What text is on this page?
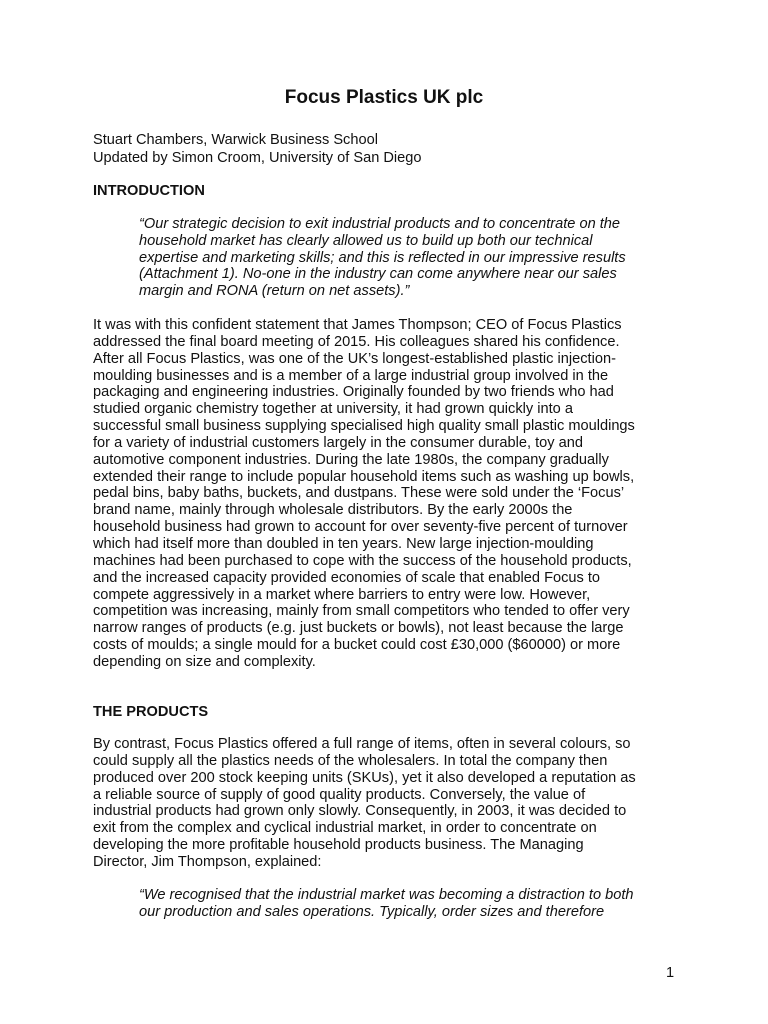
Focus Plastics UK plc
Stuart Chambers, Warwick Business School
Updated by Simon Croom, University of San Diego
INTRODUCTION
“Our strategic decision to exit industrial products and to concentrate on the
household market has clearly allowed us to build up both our technical
expertise and marketing skills; and this is reflected in our impressive results
(Attachment 1). No-one in the industry can come anywhere near our sales
margin and RONA (return on net assets).”
It was with this confident statement that James Thompson; CEO of Focus Plastics
addressed the final board meeting of 2015. His colleagues shared his confidence.
After all Focus Plastics, was one of the UK’s longest-established plastic injection-
moulding businesses and is a member of a large industrial group involved in the
packaging and engineering industries. Originally founded by two friends who had
studied organic chemistry together at university, it had grown quickly into a
successful small business supplying specialised high quality small plastic mouldings
for a variety of industrial customers largely in the consumer durable, toy and
automotive component industries. During the late 1980s, the company gradually
extended their range to include popular household items such as washing up bowls,
pedal bins, baby baths, buckets, and dustpans. These were sold under the ‘Focus’
brand name, mainly through wholesale distributors. By the early 2000s the
household business had grown to account for over seventy-five percent of turnover
which had itself more than doubled in ten years. New large injection-moulding
machines had been purchased to cope with the success of the household products,
and the increased capacity provided economies of scale that enabled Focus to
compete aggressively in a market where barriers to entry were low. However,
competition was increasing, mainly from small competitors who tended to offer very
narrow ranges of products (e.g. just buckets or bowls), not least because the large
costs of moulds; a single mould for a bucket could cost £30,000 ($60000) or more
depending on size and complexity.
THE PRODUCTS
By contrast, Focus Plastics offered a full range of items, often in several colours, so
could supply all the plastics needs of the wholesalers. In total the company then
produced over 200 stock keeping units (SKUs), yet it also developed a reputation as
a reliable source of supply of good quality products. Conversely, the value of
industrial products had grown only slowly. Consequently, in 2003, it was decided to
exit from the complex and cyclical industrial market, in order to concentrate on
developing the more profitable household products business. The Managing
Director, Jim Thompson, explained:
“We recognised that the industrial market was becoming a distraction to both
our production and sales operations. Typically, order sizes and therefore
1
